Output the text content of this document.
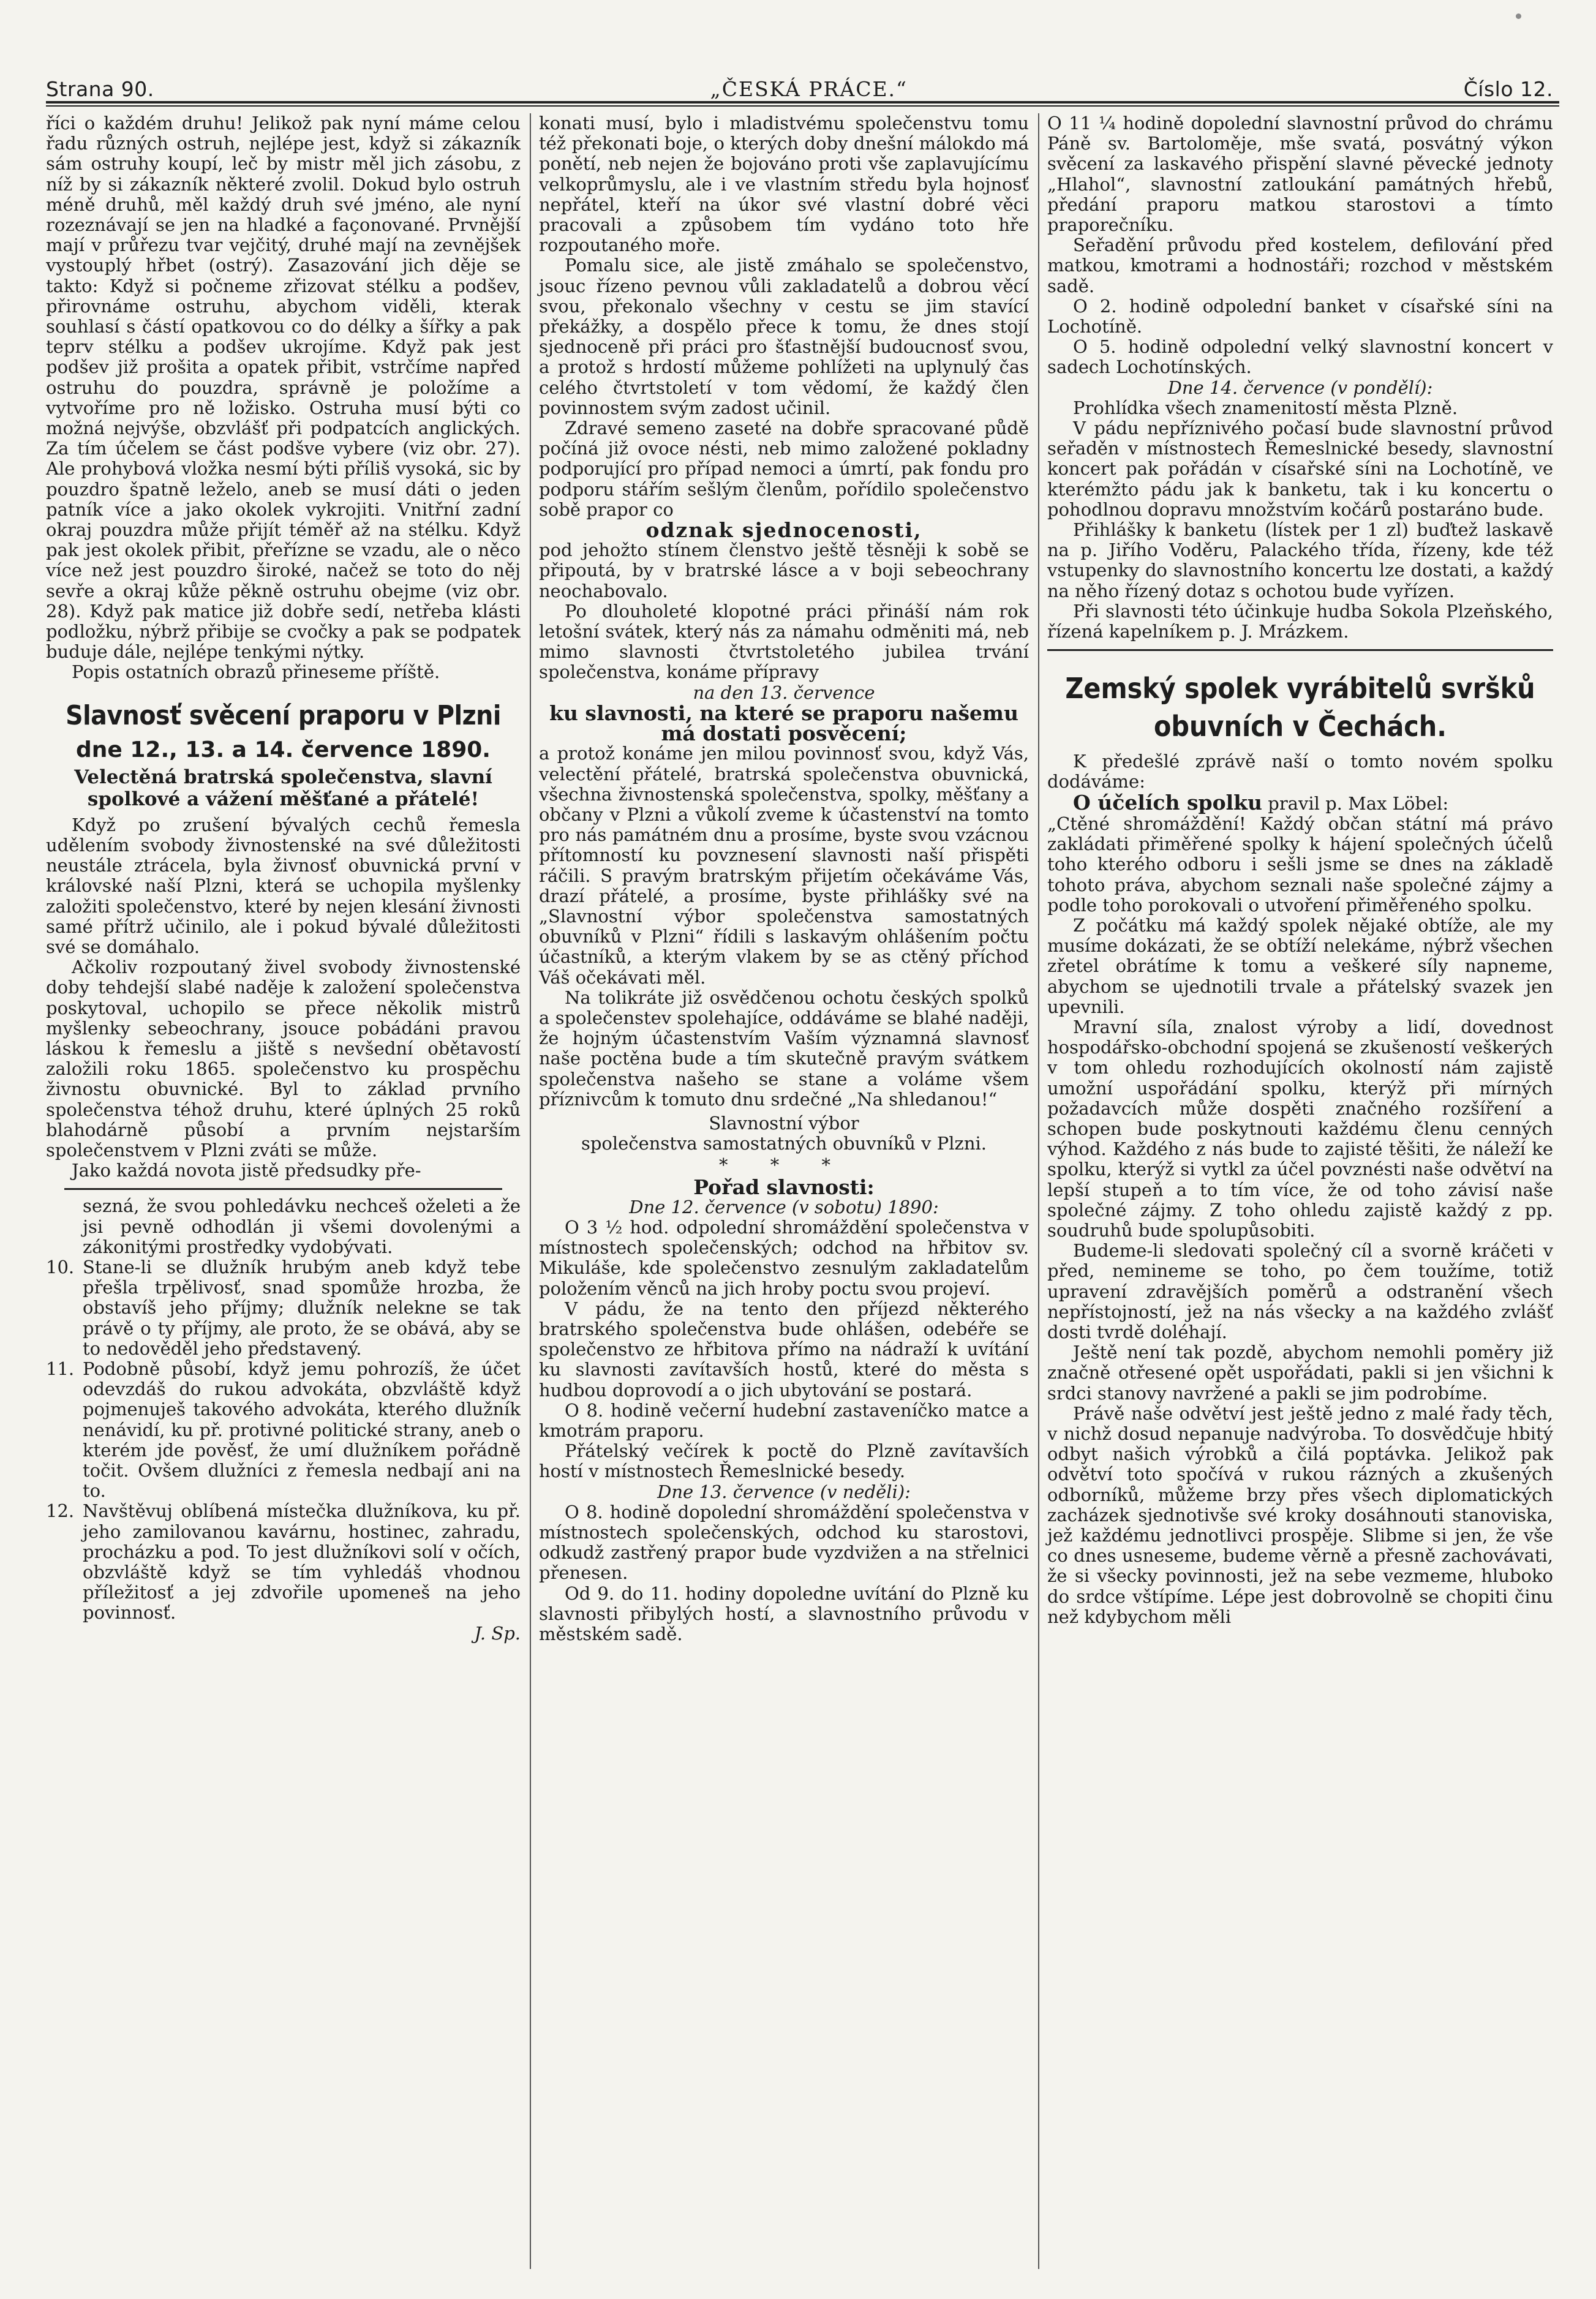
Strana 90.	„ČESKÁ PRÁCE.“	Číslo 12.

říci o každém druhu! Jelikož pak nyní máme celou řadu různých ostruh, nejlépe jest, když si zákazník sám ostruhy koupí, leč by mistr měl jich zásobu, z níž by si zákazník některé zvolil. Dokud bylo ostruh méně druhů, měl každý druh své jméno, ale nyní rozeznávají se jen na hladké a façonované. Prvnější mají v průřezu tvar vejčitý, druhé mají na zevnějšek vystouplý hřbet (ostrý). Zasazování jich děje se takto: Když si počneme zřizovat stélku a podšev, přirovnáme ostruhu, abychom viděli, kterak souhlasí s částí opatkovou co do délky a šířky a pak teprv stélku a podšev ukrojíme. Když pak jest podšev již prošita a opatek přibit, vstrčíme napřed ostruhu do pouzdra, správně je položíme a vytvoříme pro ně ložisko. Ostruha musí býti co možná nejvýše, obzvlášť při podpatcích anglických. Za tím účelem se část podšve vybere (viz obr. 27). Ale prohybová vložka nesmí býti příliš vysoká, sic by pouzdro špatně leželo, aneb se musí dáti o jeden patník více a jako okolek vykrojiti. Vnitřní zadní okraj pouzdra může přijít téměř až na stélku. Když pak jest okolek přibit, přeřízne se vzadu, ale o něco více než jest pouzdro široké, načež se toto do něj sevře a okraj kůže pěkně ostruhu obejme (viz obr. 28). Když pak matice již dobře sedí, netřeba klásti podložku, nýbrž přibije se cvočky a pak se podpatek buduje dále, nejlépe tenkými nýtky.

Popis ostatních obrazů přineseme příště.

Slavnosť svěcení praporu v Plzni
dne 12., 13. a 14. července 1890.
Velectěná bratrská společenstva, slavní spolkové a vážení měšťané a přátelé!

Když po zrušení bývalých cechů řemesla udělením svobody živnostenské na své důležitosti neustále ztrácela, byla živnosť obuvnická první v královské naší Plzni, která se uchopila myšlenky založiti společenstvo, které by nejen klesání živnosti samé přítrž učinilo, ale i pokud bývalé důležitosti své se domáhalo.

Ačkoliv rozpoutaný živel svobody živnostenské doby tehdejší slabé naděje k založení společenstva poskytoval, uchopilo se přece několik mistrů myšlenky sebeochrany, jsouce pobádáni pravou láskou k řemeslu a jiště s nevšední obětavostí založili roku 1865. společenstvo ku prospěchu živnostu obuvnické. Byl to základ prvního společenstva téhož druhu, které úplných 25 roků blahodárně působí a prvním nejstarším společenstvem v Plzni zváti se může.

Jako každá novota jistě předsudky pře-

sezná, že svou pohledávku nechceš oželeti a že jsi pevně odhodlán ji všemi dovolenými a zákonitými prostředky vydobývati.

10. Stane-li se dlužník hrubým aneb když tebe přešla trpělivosť, snad spomůže hrozba, že obstavíš jeho příjmy; dlužník nelekne se tak právě o ty příjmy, ale proto, že se obává, aby se to nedověděl jeho představený.
11. Podobně působí, když jemu pohrozíš, že účet odevzdáš do rukou advokáta, obzvláště když pojmenuješ takového advokáta, kterého dlužník nenávidí, ku př. protivné politické strany, aneb o kterém jde pověsť, že umí dlužníkem pořádně točit. Ovšem dlužníci z řemesla nedbají ani na to.
12. Navštěvuj oblíbená místečka dlužníkova, ku př. jeho zamilovanou kavárnu, hostinec, zahradu, procházku a pod. To jest dlužníkovi solí v očích, obzvláště když se tím vyhledáš vhodnou příležitosť a jej zdvořile upomeneš na jeho povinnosť.

J. Sp.

konati musí, bylo i mladistvému společenstvu tomu též překonati boje, o kterých doby dnešní málokdo má ponětí, neb nejen že bojováno proti vše zaplavujícímu velkoprůmyslu, ale i ve vlastním středu byla hojnosť nepřátel, kteří na úkor své vlastní dobré věci pracovali a způsobem tím vydáno toto hře rozpoutaného moře.

Pomalu sice, ale jistě zmáhalo se společenstvo, jsouc řízeno pevnou vůli zakladatelů a dobrou věcí svou, překonalo všechny v cestu se jim stavící překážky, a dospělo přece k tomu, že dnes stojí sjednoceně při práci pro šťastnější budoucnosť svou, a protož s hrdostí můžeme pohlížeti na uplynulý čas celého čtvrtstoletí v tom vědomí, že každý člen povinnostem svým zadost učinil.

Zdravé semeno zaseté na dobře spracované půdě počíná již ovoce nésti, neb mimo založené pokladny podporující pro případ nemoci a úmrtí, pak fondu pro podporu stářím sešlým členům, pořídilo společenstvo sobě prapor co

odznak sjednocenosti,

pod jehožto stínem členstvo ještě těsněji k sobě se připoutá, by v bratrské lásce a v boji sebeochrany neochabovalo.

Po dlouholeté klopotné práci přináší nám rok letošní svátek, který nás za námahu odměniti má, neb mimo slavnosti čtvrtstoletého jubilea trvání společenstva, konáme přípravy

na den 13. července

ku slavnosti, na které se praporu našemu má dostati posvěcení;

a protož konáme jen milou povinnosť svou, když Vás, velectění přátelé, bratrská společenstva obuvnická, všechna živnostenská společenstva, spolky, měšťany a občany v Plzni a vůkolí zveme k účastenství na tomto pro nás památném dnu a prosíme, byste svou vzácnou přítomností ku povznesení slavnosti naší přispěti ráčili. S pravým bratrským přijetím očekáváme Vás, drazí přátelé, a prosíme, byste přihlášky své na „Slavnostní výbor společenstva samostatných obuvníků v Plzni“ řídili s laskavým ohlášením počtu účastníků, a kterým vlakem by se as ctěný příchod Váš očekávati měl.

Na tolikráte již osvědčenou ochotu českých spolků a společenstev spolehajíce, oddáváme se blahé naději, že hojným účastenstvím Vaším významná slavnosť naše poctěna bude a tím skutečně pravým svátkem společenstva našeho se stane a voláme všem příznivcům k tomuto dnu srdečné „Na shledanou!“

Slavnostní výbor

společenstva samostatných obuvníků v Plzni.

* * *

Pořad slavnosti:

Dne 12. července (v sobotu) 1890:

O 3 ½ hod. odpolední shromáždění společenstva v místnostech společenských; odchod na hřbitov sv. Mikuláše, kde společenstvo zesnulým zakladatelům položením věnců na jich hroby poctu svou projeví.

V pádu, že na tento den příjezd některého bratrského společenstva bude ohlášen, odebéře se společenstvo ze hřbitova přímo na nádraží k uvítání ku slavnosti zavítavších hostů, které do města s hudbou doprovodí a o jich ubytování se postará.

O 8. hodině večerní hudební zastaveníčko matce a kmotrám praporu.

Přátelský večírek k poctě do Plzně zavítavších hostí v místnostech Řemeslnické besedy.

Dne 13. července (v neděli):

O 8. hodině dopolední shromáždění společenstva v místnostech společenských, odchod ku starostovi, odkudž zastřený prapor bude vyzdvižen a na střelnici přenesen.

Od 9. do 11. hodiny dopoledne uvítání do Plzně ku slavnosti přibylých hostí, a slavnostního průvodu v městském sadě.

O 11 ¼ hodině dopolední slavnostní průvod do chrámu Páně sv. Bartoloměje, mše svatá, posvátný výkon svěcení za laskavého přispění slavné pěvecké jednoty „Hlahol“, slavnostní zatloukání památných hřebů, předání praporu matkou starostovi a tímto praporečníku.

Seřadění průvodu před kostelem, defilování před matkou, kmotrami a hodnostáři; rozchod v městském sadě.

O 2. hodině odpolední banket v císařské síni na Lochotíně.

O 5. hodině odpolední velký slavnostní koncert v sadech Lochotínských.

Dne 14. července (v pondělí):

Prohlídka všech znamenitostí města Plzně.

V pádu nepříznivého počasí bude slavnostní průvod seřaděn v místnostech Řemeslnické besedy, slavnostní koncert pak pořádán v císařské síni na Lochotíně, ve kterémžto pádu jak k banketu, tak i ku koncertu o pohodlnou dopravu množstvím kočárů postaráno bude.

Přihlášky k banketu (lístek per 1 zl) buďtež laskavě na p. Jiřího Voděru, Palackého třída, řízeny, kde též vstupenky do slavnostního koncertu lze dostati, a každý na něho řízený dotaz s ochotou bude vyřízen.

Při slavnosti této účinkuje hudba Sokola Plzeňského, řízená kapelníkem p. J. Mrázkem.

Zemský spolek vyrábitelů svršků obuvních v Čechách.

K předešlé zprávě naší o tomto novém spolku dodáváme:

O účelích spolku pravil p. Max Löbel:

„Ctěné shromáždění! Každý občan státní má právo zakládati přiměřené spolky k hájení společných účelů toho kterého odboru i sešli jsme se dnes na základě tohoto práva, abychom seznali naše společné zájmy a podle toho porokovali o utvoření přiměřeného spolku.

Z počátku má každý spolek nějaké obtíže, ale my musíme dokázati, že se obtíží nelekáme, nýbrž všechen zřetel obrátíme k tomu a veškeré síly napneme, abychom se ujednotili trvale a přátelský svazek jen upevnili.

Mravní síla, znalost výroby a lidí, dovednost hospodářsko-obchodní spojená se zkušeností veškerých v tom ohledu rozhodujících okolností nám zajistě umožní uspořádání spolku, kterýž při mírných požadavcích může dospěti značného rozšíření a schopen bude poskytnouti každému členu cenných výhod. Každého z nás bude to zajisté těšiti, že náleží ke spolku, kterýž si vytkl za účel povznésti naše odvětví na lepší stupeň a to tím více, že od toho závisí naše společné zájmy. Z toho ohledu zajistě každý z pp. soudruhů bude spolupůsobiti.

Budeme-li sledovati společný cíl a svorně kráčeti v před, nemineme se toho, po čem toužíme, totiž upravení zdravějších poměrů a odstranění všech nepřístojností, jež na nás všecky a na každého zvlášť dosti tvrdě doléhají.

Ještě není tak pozdě, abychom nemohli poměry již značně otřesené opět uspořádati, pakli si jen všichni k srdci stanovy navržené a pakli se jim podrobíme.

Právě naše odvětví jest ještě jedno z malé řady těch, v nichž dosud nepanuje nadvýroba. To dosvědčuje hbitý odbyt našich výrobků a čilá poptávka. Jelikož pak odvětví toto spočívá v rukou rázných a zkušených odborníků, můžeme brzy přes všech diplomatických zacházek sjednotivše své kroky dosáhnouti stanoviska, jež každému jednotlivci prospěje. Slibme si jen, že vše co dnes usneseme, budeme věrně a přesně zachovávati, že si všecky povinnosti, jež na sebe vezmeme, hluboko do srdce vštípíme. Lépe jest dobrovolně se chopiti činu než kdybychom měli
